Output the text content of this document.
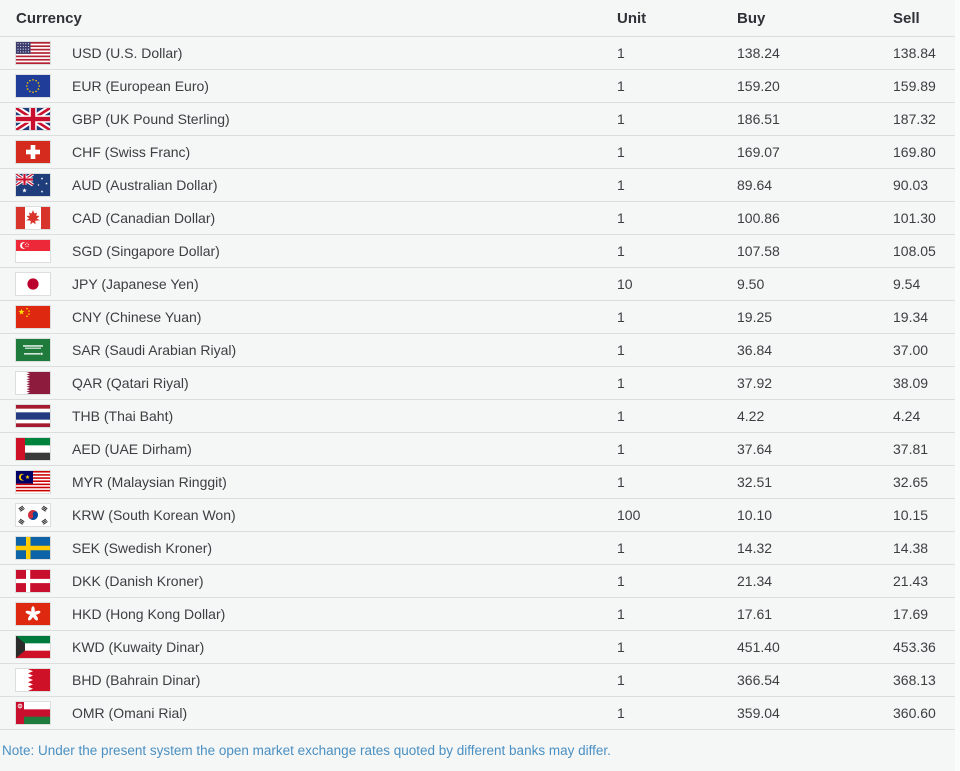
Currency	Unit	Buy	Sell
USD (U.S. Dollar)	1	138.24	138.84
EUR (European Euro)	1	159.20	159.89
GBP (UK Pound Sterling)	1	186.51	187.32
CHF (Swiss Franc)	1	169.07	169.80
AUD (Australian Dollar)	1	89.64	90.03
CAD (Canadian Dollar)	1	100.86	101.30
SGD (Singapore Dollar)	1	107.58	108.05
JPY (Japanese Yen)	10	9.50	9.54
CNY (Chinese Yuan)	1	19.25	19.34
SAR (Saudi Arabian Riyal)	1	36.84	37.00
QAR (Qatari Riyal)	1	37.92	38.09
THB (Thai Baht)	1	4.22	4.24
AED (UAE Dirham)	1	37.64	37.81
MYR (Malaysian Ringgit)	1	32.51	32.65
KRW (South Korean Won)	100	10.10	10.15
SEK (Swedish Kroner)	1	14.32	14.38
DKK (Danish Kroner)	1	21.34	21.43
HKD (Hong Kong Dollar)	1	17.61	17.69
KWD (Kuwaity Dinar)	1	451.40	453.36
BHD (Bahrain Dinar)	1	366.54	368.13
OMR (Omani Rial)	1	359.04	360.60
Note: Under the present system the open market exchange rates quoted by different banks may differ.
